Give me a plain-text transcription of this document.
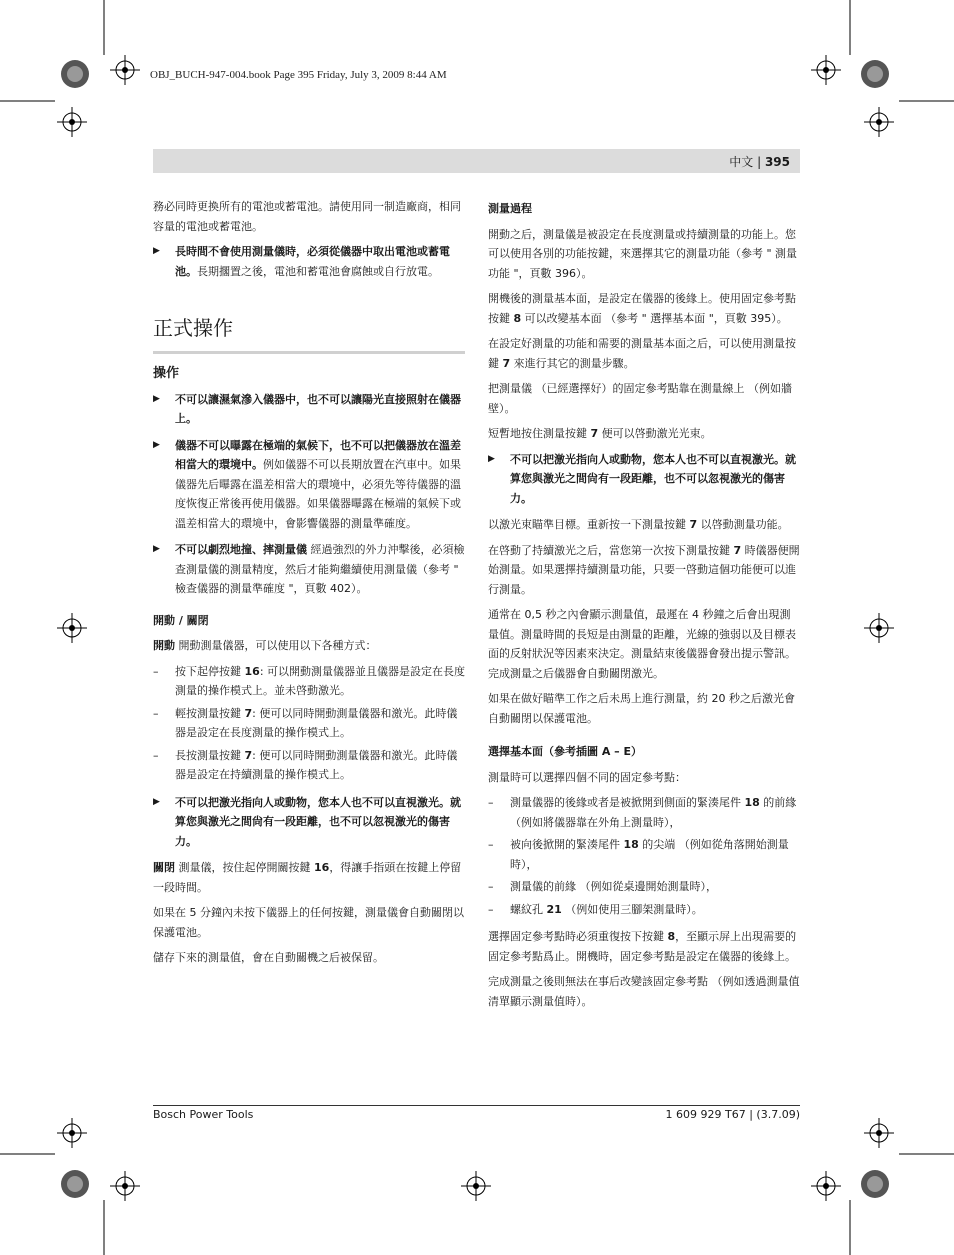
OBJ_BUCH-947-004.book Page 395 Friday, July 3, 2009 8:44 AM
中文 | 395

務必同時更換所有的電池或蓄電池。請使用同一制造廠商，相同容量的電池或蓄電池。

▶ 長時間不會使用測量儀時，必須從儀器中取出電池或蓄電池。長期擱置之後，電池和蓄電池會腐蝕或自行放電。
正式操作
操作
▶ 不可以讓濕氣滲入儀器中，也不可以讓陽光直接照射在儀器上。
▶ 儀器不可以曝露在極端的氣候下，也不可以把儀器放在溫差相當大的環境中。例如儀器不可以長期放置在汽車中。如果儀器先后曝露在溫差相當大的環境中，必須先等待儀器的溫度恢復正常後再使用儀器。如果儀器曝露在極端的氣候下或溫差相當大的環境中，會影響儀器的測量準確度。
▶ 不可以劇烈地撞、摔測量儀 經過強烈的外力沖擊後，必須檢查測量儀的測量精度，然后才能夠繼續使用測量儀（參考 " 檢查儀器的測量準確度 "，頁數 402）。
開動 / 關閉

開動 開動測量儀器，可以使用以下各種方式：

– 按下起停按鍵 16: 可以開動測量儀器並且儀器是設定在長度測量的操作模式上。並未啓動激光。
– 輕按測量按鍵 7: 便可以同時開動測量儀器和激光。此時儀器是設定在長度測量的操作模式上。
– 長按測量按鍵 7: 便可以同時開動測量儀器和激光。此時儀器是設定在持續測量的操作模式上。
▶ 不可以把激光指向人或動物，您本人也不可以直視激光。就算您與激光之間尙有一段距離，也不可以忽視激光的傷害力。

關閉 測量儀，按住起停開關按鍵 16，得讓手指頭在按鍵上停留一段時間。

如果在 5 分鐘內未按下儀器上的任何按鍵，測量儀會自動關閉以保護電池。

儲存下來的測量值，會在自動關機之后被保留。

測量過程

開動之后，測量儀是被設定在長度測量或持續測量的功能上。您可以使用各別的功能按鍵，來選擇其它的測量功能（參考 " 測量功能 "，頁數 396）。

開機後的測量基本面，是設定在儀器的後緣上。使用固定參考點按鍵 8 可以改變基本面 （參考 " 選擇基本面 "，頁數 395）。

在設定好測量的功能和需要的測量基本面之后，可以使用測量按鍵 7 來進行其它的測量步驟。

把測量儀 （已經選擇好）的固定參考點靠在測量線上 （例如牆壁）。

短暫地按住測量按鍵 7 便可以啓動激光光束。

▶ 不可以把激光指向人或動物，您本人也不可以直視激光。就算您與激光之間尙有一段距離，也不可以忽視激光的傷害力。

以激光束瞄準目標。重新按一下測量按鍵 7 以啓動測量功能。

在啓動了持續激光之后，當您第一次按下測量按鍵 7 時儀器便開始測量。如果選擇持續測量功能，只要一啓動這個功能便可以進行測量。

通常在 0,5 秒之內會顯示測量值，最遲在 4 秒鐘之后會出現測量值。測量時間的長短是由測量的距離，光線的強弱以及目標表面的反射狀況等因素來決定。測量結束後儀器會發出提示警訊。完成測量之后儀器會自動關閉激光。

如果在做好瞄準工作之后未馬上進行測量，約 20 秒之后激光會自動關閉以保護電池。

選擇基本面（參考插圖 A – E）

測量時可以選擇四個不同的固定參考點：

– 測量儀器的後緣或者是被掀開到側面的緊湊尾件 18 的前緣 （例如將儀器靠在外角上測量時），
– 被向後掀開的緊湊尾件 18 的尖端 （例如從角落開始測量時），
– 測量儀的前緣 （例如從桌邊開始測量時），
– 螺紋孔 21 （例如使用三腳架測量時）。

選擇固定參考點時必須重復按下按鍵 8，至顯示屏上出現需要的固定參考點爲止。開機時，固定參考點是設定在儀器的後緣上。

完成測量之後則無法在事后改變該固定參考點 （例如透過測量值清單顯示測量值時）。

Bosch Power Tools	1 609 929 T67 | (3.7.09)
